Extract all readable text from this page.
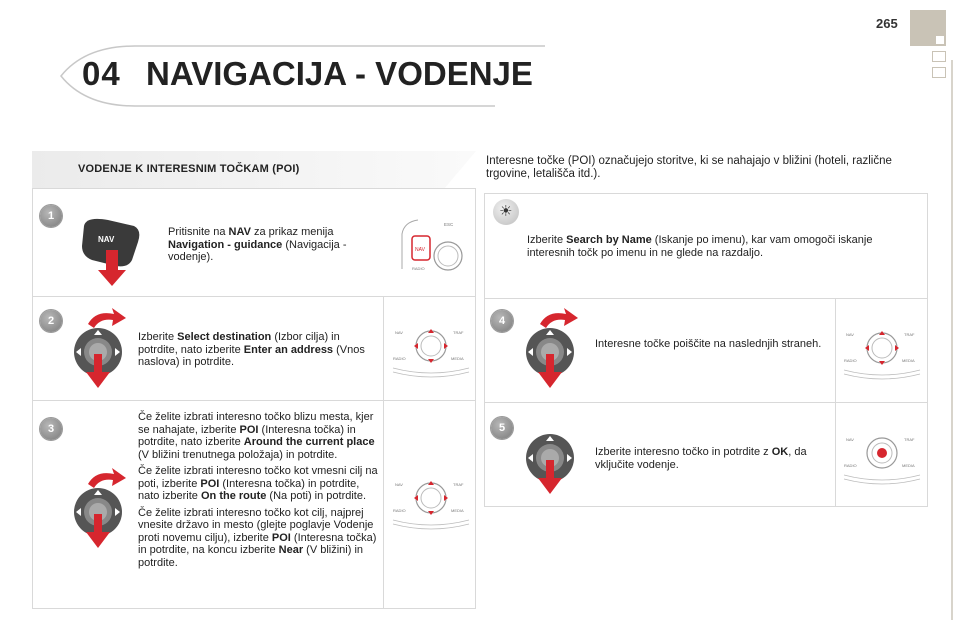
04 NAVIGACIJA - VODENJE
265
VODENJE K INTERESNIM TOČKAM (POI)
Interesne točke (POI) označujejo storitve, ki se nahajajo v bližini (hoteli, različne trgovine, letališča itd.).
1
2
3
4
5
☀
NAV
Pritisnite na NAV za prikaz menija Navigation - guidance (Navigacija - vodenje).
NAV
ESC
RADIO
Izberite Select destination (Izbor cilja) in potrdite, nato izberite Enter an address (Vnos naslova) in potrdite.
NAV	TRAF
RADIO	MEDIA

Če želite izbrati interesno točko blizu mesta, kjer se nahajate, izberite POI (Interesna točka) in potrdite, nato izberite Around the current place (V bližini trenutnega položaja) in potrdite.

Če želite izbrati interesno točko kot vmesni cilj na poti, izberite POI (Interesna točka) in potrdite, nato izberite On the route (Na poti) in potrdite.

Če želite izbrati interesno točko kot cilj, najprej vnesite državo in mesto (glejte poglavje Vodenje proti novemu cilju), izberite POI (Interesna točka) in potrdite, na koncu izberite Near (V bližini) in potrdite.

NAV	TRAF
RADIO	MEDIA
Izberite Search by Name (Iskanje po imenu), kar vam omogoči iskanje interesnih točk po imenu in ne glede na razdaljo.
Interesne točke poiščite na naslednjih straneh.
NAV	TRAF
RADIO	MEDIA
Izberite interesno točko in potrdite z OK, da vključite vodenje.
NAV	TRAF
RADIO	MEDIA
